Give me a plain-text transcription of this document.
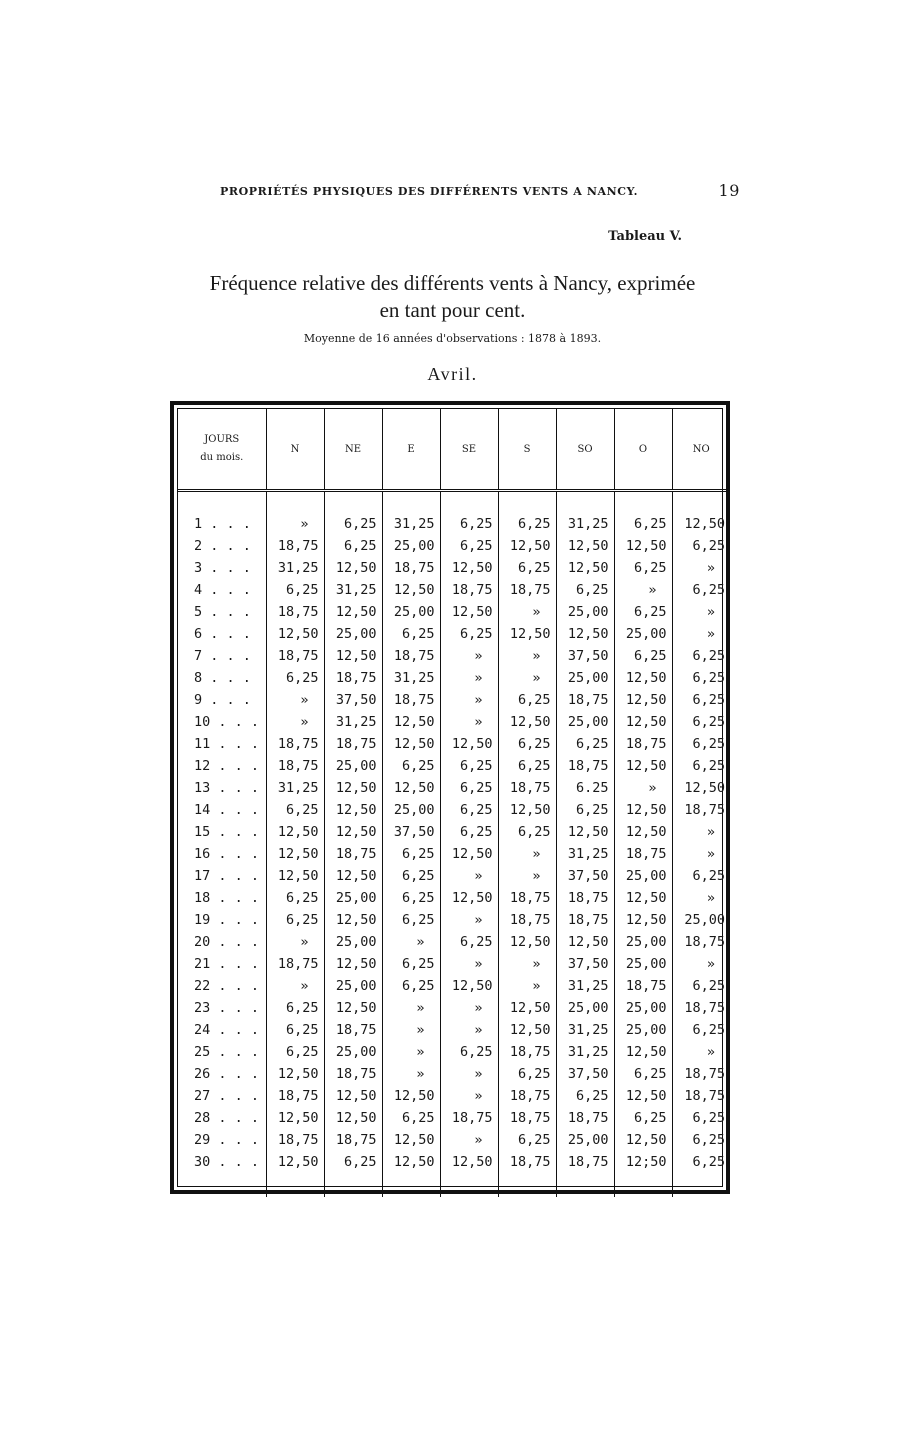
PROPRIÉTÉS PHYSIQUES DES DIFFÉRENTS VENTS A NANCY.	19
Tableau V.
Fréquence relative des différents vents à Nancy, exprimée
en tant pour cent.
Moyenne de 16 années d'observations : 1878 à 1893.
Avril.
JOURS
du mois.	N	NE	E	SE	S	SO	O	NO
1 . . .	»	6,25	31,25	6,25	6,25	31,25	6,25	12,50
2 . . .	18,75	6,25	25,00	6,25	12,50	12,50	12,50	6,25
3 . . .	31,25	12,50	18,75	12,50	6,25	12,50	6,25	»
4 . . .	6,25	31,25	12,50	18,75	18,75	6,25	»	6,25
5 . . .	18,75	12,50	25,00	12,50	»	25,00	6,25	»
6 . . .	12,50	25,00	6,25	6,25	12,50	12,50	25,00	»
7 . . .	18,75	12,50	18,75	»	»	37,50	6,25	6,25
8 . . .	6,25	18,75	31,25	»	»	25,00	12,50	6,25
9 . . .	»	37,50	18,75	»	6,25	18,75	12,50	6,25
10 . . .	»	31,25	12,50	»	12,50	25,00	12,50	6,25
11 . . .	18,75	18,75	12,50	12,50	6,25	6,25	18,75	6,25
12 . . .	18,75	25,00	6,25	6,25	6,25	18,75	12,50	6,25
13 . . .	31,25	12,50	12,50	6,25	18,75	6.25	»	12,50
14 . . .	6,25	12,50	25,00	6,25	12,50	6,25	12,50	18,75
15 . . .	12,50	12,50	37,50	6,25	6,25	12,50	12,50	»
16 . . .	12,50	18,75	6,25	12,50	»	31,25	18,75	»
17 . . .	12,50	12,50	6,25	»	»	37,50	25,00	6,25
18 . . .	6,25	25,00	6,25	12,50	18,75	18,75	12,50	»
19 . . .	6,25	12,50	6,25	»	18,75	18,75	12,50	25,00
20 . . .	»	25,00	»	6,25	12,50	12,50	25,00	18,75
21 . . .	18,75	12,50	6,25	»	»	37,50	25,00	»
22 . . .	»	25,00	6,25	12,50	»	31,25	18,75	6,25
23 . . .	6,25	12,50	»	»	12,50	25,00	25,00	18,75
24 . . .	6,25	18,75	»	»	12,50	31,25	25,00	6,25
25 . . .	6,25	25,00	»	6,25	18,75	31,25	12,50	»
26 . . .	12,50	18,75	»	»	6,25	37,50	6,25	18,75
27 . . .	18,75	12,50	12,50	»	18,75	6,25	12,50	18,75
28 . . .	12,50	12,50	6,25	18,75	18,75	18,75	6,25	6,25
29 . . .	18,75	18,75	12,50	»	6,25	25,00	12,50	6,25
30 . . .	12,50	6,25	12,50	12,50	18,75	18,75	12;50	6,25
